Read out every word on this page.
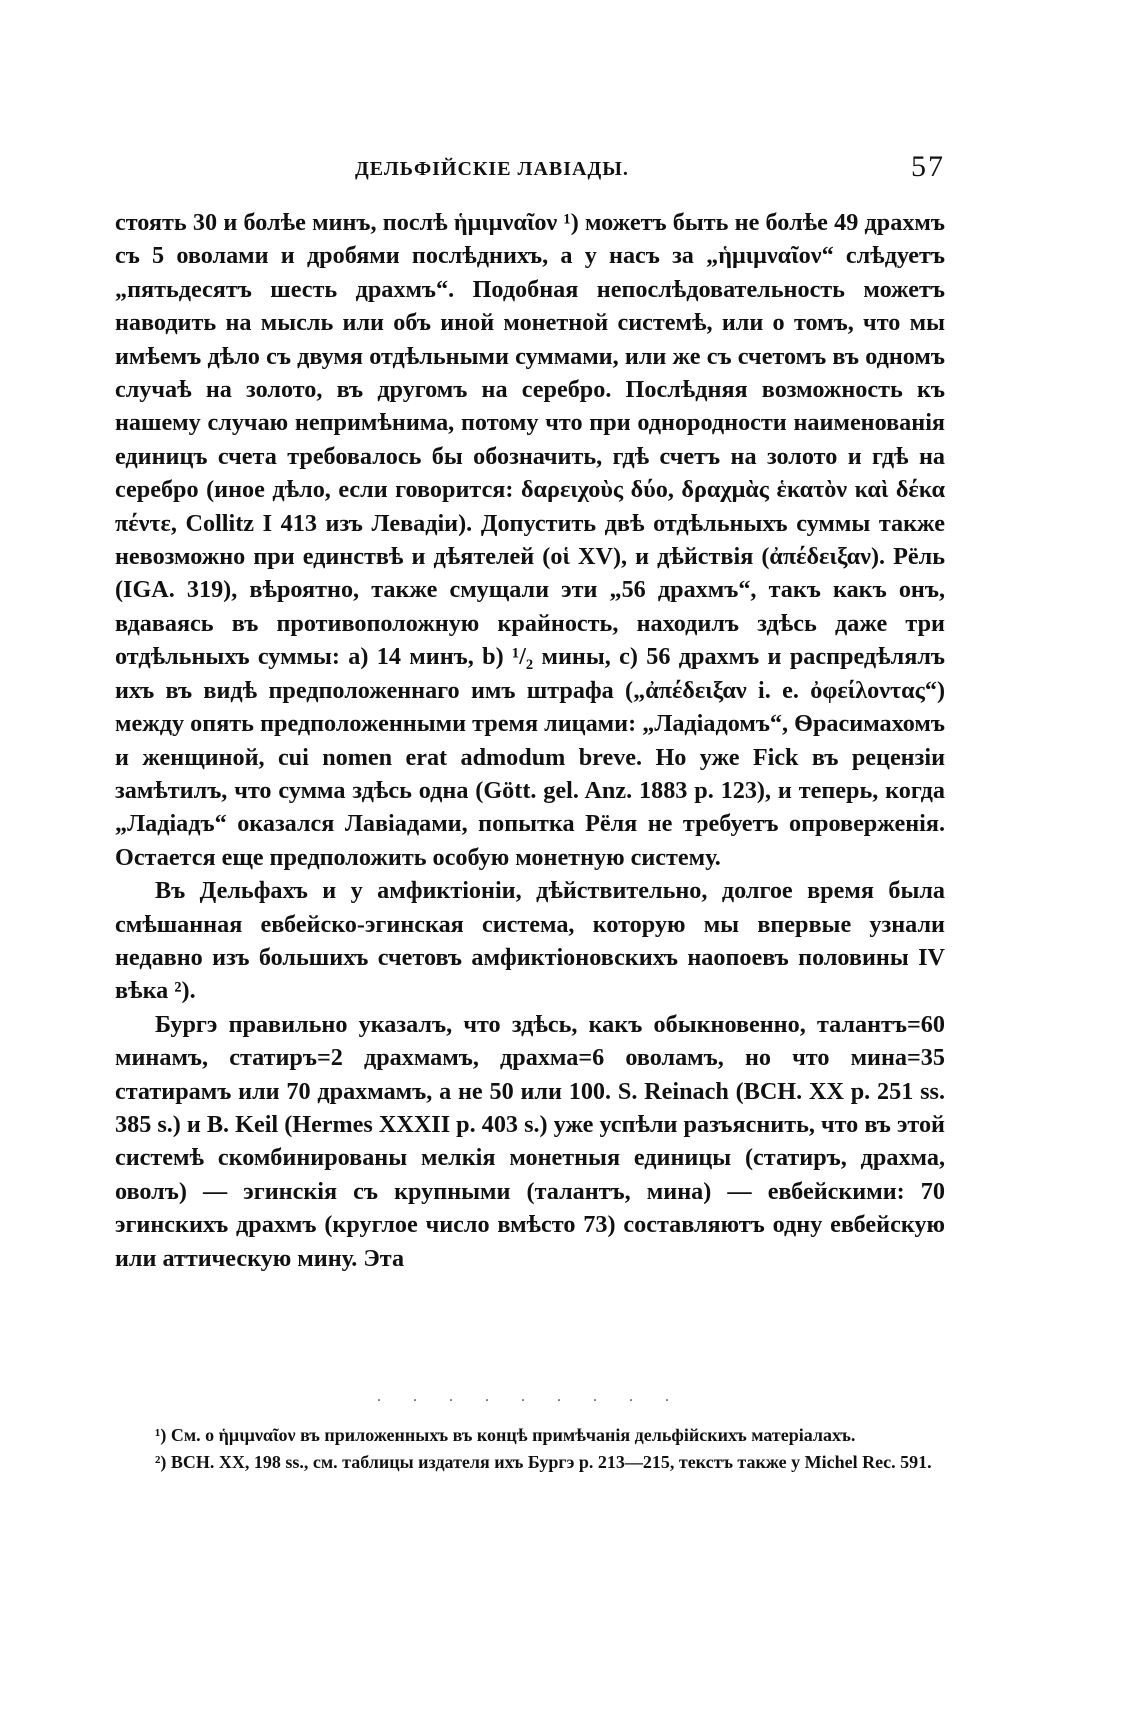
ДЕЛЬФІЙСКІЕ ЛАВІАДЫ.	57

стоять 30 и болѣе минъ, послѣ ἡμιμναῖον ¹) можетъ быть не болѣе 49 драхмъ съ 5 оволами и дробями послѣднихъ, а у насъ за „ἡμιμναῖον“ слѣдуетъ „пятьдесятъ шесть драхмъ“. Подобная непослѣдовательность можетъ наводить на мысль или объ иной монетной системѣ, или о томъ, что мы имѣемъ дѣло съ двумя отдѣльными суммами, или же съ счетомъ въ одномъ случаѣ на золото, въ другомъ на серебро. Послѣдняя возможность къ нашему случаю непримѣнима, потому что при однородности наименованія единицъ счета требовалось бы обозначить, гдѣ счетъ на золото и гдѣ на серебро (иное дѣло, если говорится: δαρειχοὺς δύο, δραχμὰς ἑκατὸν καὶ δέκα πέντε, Collitz I 413 изъ Левадіи). Допустить двѣ отдѣльныхъ суммы также невозможно при единствѣ и дѣятелей (οἱ XV), и дѣйствія (ἀπέδειξαν). Рёль (IGA. 319), вѣроятно, также смущали эти „56 драхмъ“, такъ какъ онъ, вдаваясь въ противоположную крайность, находилъ здѣсь даже три отдѣльныхъ суммы: a) 14 минъ, b) ¹/₂ мины, c) 56 драхмъ и распредѣлялъ ихъ въ видѣ предположеннаго имъ штрафа („ἀπέδειξαν i. e. ὀφείλοντας“) между опять предположенными тремя лицами: „Ладіадомъ“, Ѳрасимахомъ и женщиной, cui nomen erat admodum breve. Но уже Fick въ рецензіи замѣтилъ, что сумма здѣсь одна (Gött. gel. Anz. 1883 p. 123), и теперь, когда „Ладіадъ“ оказался Лавіадами, попытка Рёля не требуетъ опроверженія. Остается еще предположить особую монетную систему.

Въ Дельфахъ и у амфиктіоніи, дѣйствительно, долгое время была смѣшанная евбейско-эгинская система, которую мы впервые узнали недавно изъ большихъ счетовъ амфиктіоновскихъ наопоевъ половины IV вѣка ²).

Бургэ правильно указалъ, что здѣсь, какъ обыкновенно, талантъ=60 минамъ, статиръ=2 драхмамъ, драхма=6 оволамъ, но что мина=35 статирамъ или 70 драхмамъ, а не 50 или 100. S. Reinach (BCH. XX p. 251 ss. 385 s.) и B. Keil (Hermes XXXII p. 403 s.) уже успѣли разъяснить, что въ этой системѣ скомбинированы мелкія монетныя единицы (статиръ, драхма, оволъ) — эгинскія съ крупными (талантъ, мина) — евбейскими: 70 эгинскихъ драхмъ (круглое число вмѣсто 73) составляютъ одну евбейскую или аттическую мину. Эта

. . . . . . . . .

¹) См. о ἡμιμναῖον въ приложенныхъ въ концѣ примѣчанія дельфійскихъ матеріалахъ.

²) BCH. XX, 198 ss., см. таблицы издателя ихъ Бургэ p. 213—215, текстъ также у Michel Rec. 591.
